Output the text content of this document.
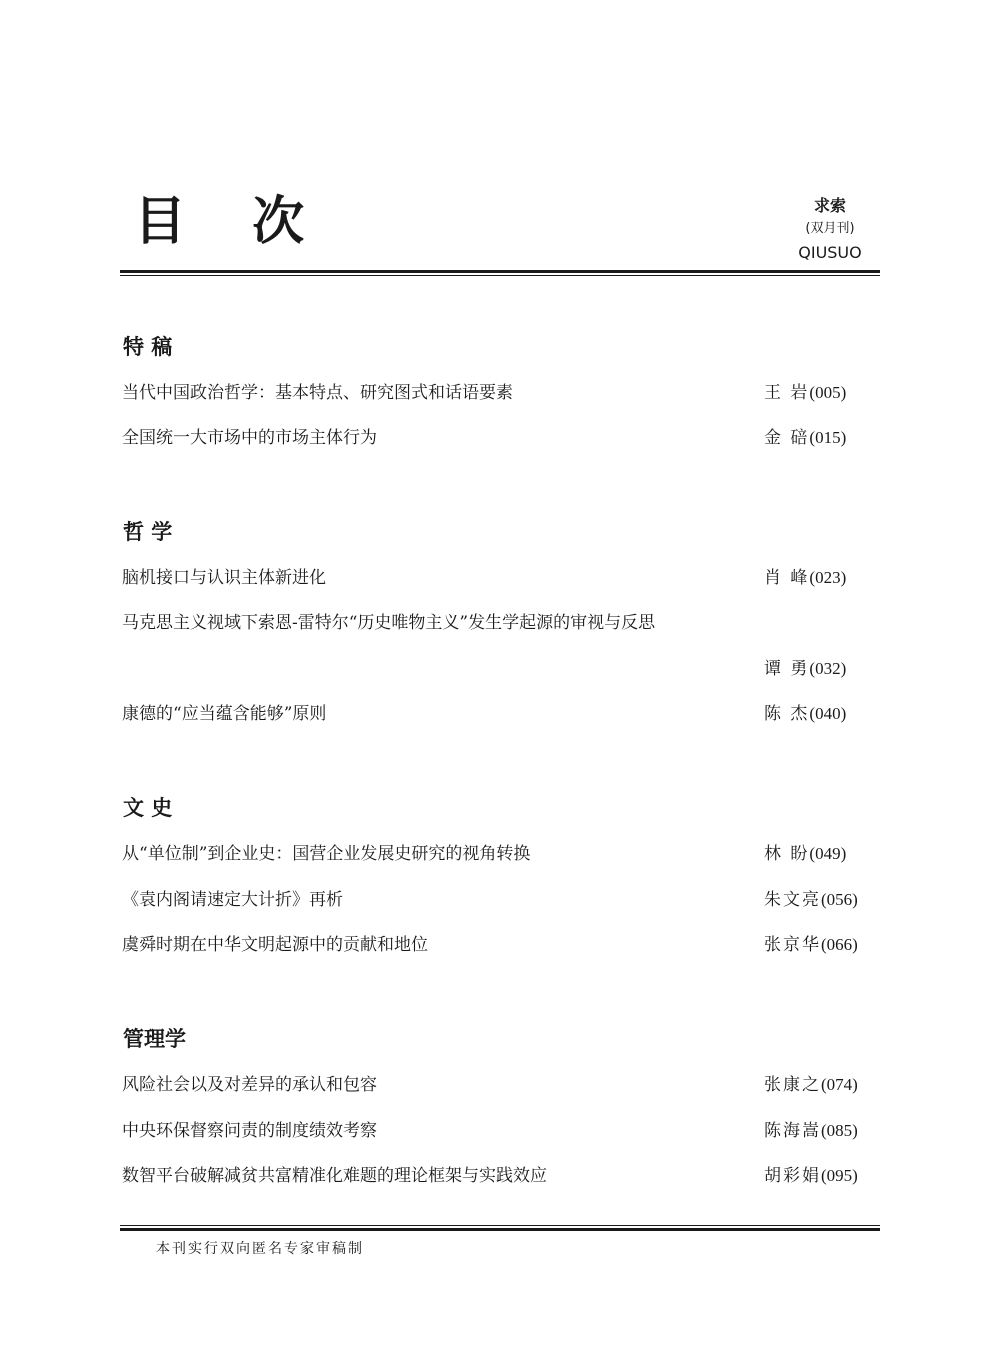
目 次	求索
(双月刊)
QIUSUO
特 稿
当代中国政治哲学：基本特点、研究图式和话语要素	王 岩(005)
全国统一大市场中的市场主体行为	金 碚(015)
哲 学
脑机接口与认识主体新进化	肖 峰(023)
马克思主义视域下索恩-雷特尔“历史唯物主义”发生学起源的审视与反思
谭 勇(032)
康德的“应当蕴含能够”原则	陈 杰(040)
文 史
从“单位制”到企业史：国营企业发展史研究的视角转换	林 盼(049)
《袁内阁请速定大计折》再析	朱文亮(056)
虞舜时期在中华文明起源中的贡献和地位	张京华(066)
管理学
风险社会以及对差异的承认和包容	张康之(074)
中央环保督察问责的制度绩效考察	陈海嵩(085)
数智平台破解减贫共富精准化难题的理论框架与实践效应	胡彩娟(095)
本刊实行双向匿名专家审稿制
